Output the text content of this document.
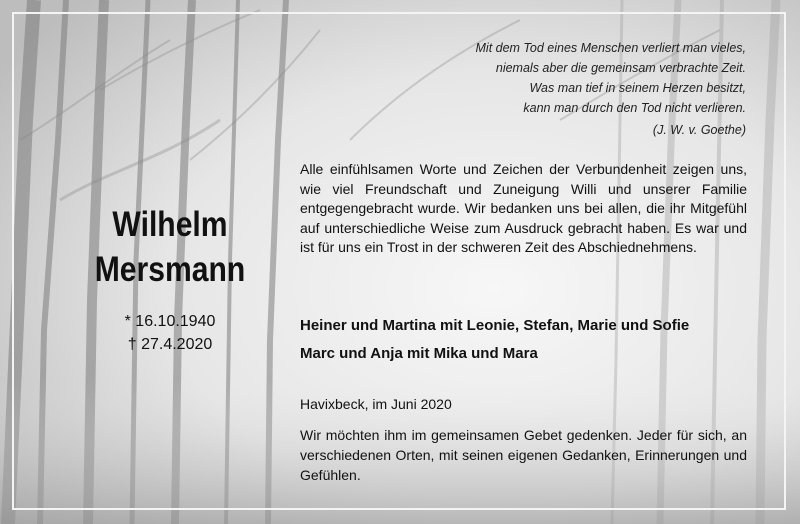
Mit dem Tod eines Menschen verliert man vieles,
niemals aber die gemeinsam verbrachte Zeit.
Was man tief in seinem Herzen besitzt,
kann man durch den Tod nicht verlieren.
(J. W. v. Goethe)
Wilhelm
Mersmann
* 16.10.1940
† 27.4.2020
Alle einfühlsamen Worte und Zeichen der Verbundenheit zeigen uns, wie viel Freundschaft und Zuneigung Willi und unserer Familie entgegengebracht wurde. Wir bedanken uns bei allen, die ihr Mitgefühl auf unterschiedliche Weise zum Ausdruck gebracht haben. Es war und ist für uns ein Trost in der schweren Zeit des Abschiednehmens.
Heiner und Martina mit Leonie, Stefan, Marie und Sofie
Marc und Anja mit Mika und Mara
Havixbeck, im Juni 2020
Wir möchten ihm im gemeinsamen Gebet gedenken. Jeder für sich, an verschiedenen Orten, mit seinen eigenen Gedanken, Erinnerungen und Gefühlen.
